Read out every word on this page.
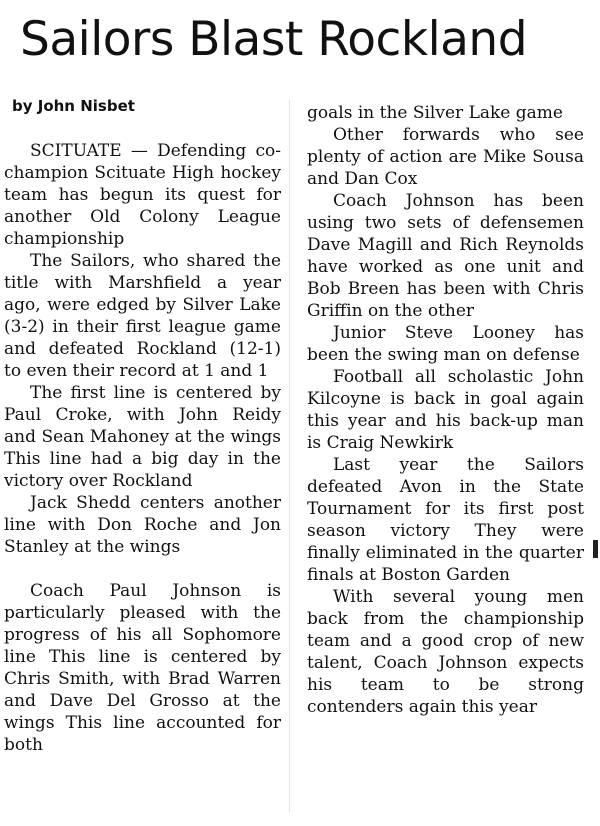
Sailors Blast Rockland
by John Nisbet

SCITUATE — Defending co-champion Scituate High hockey team has begun its quest for another Old Colony League championship

The Sailors, who shared the title with Marshfield a year ago, were edged by Silver Lake (3-2) in their first league game and defeated Rockland (12-1) to even their record at 1 and 1

The first line is centered by Paul Croke, with John Reidy and Sean Mahoney at the wings This line had a big day in the victory over Rockland

Jack Shedd centers another line with Don Roche and Jon Stanley at the wings

Coach Paul Johnson is particularly pleased with the progress of his all Sophomore line This line is centered by Chris Smith, with Brad Warren and Dave Del Grosso at the wings This line accounted for both

goals in the Silver Lake game

Other forwards who see plenty of action are Mike Sousa and Dan Cox

Coach Johnson has been using two sets of defensemen Dave Magill and Rich Reynolds have worked as one unit and Bob Breen has been with Chris Griffin on the other

Junior Steve Looney has been the swing man on defense

Football all scholastic John Kilcoyne is back in goal again this year and his back-up man is Craig Newkirk

Last year the Sailors defeated Avon in the State Tournament for its first post season victory They were finally eliminated in the quarter finals at Boston Garden

With several young men back from the championship team and a good crop of new talent, Coach Johnson expects his team to be strong contenders again this year
